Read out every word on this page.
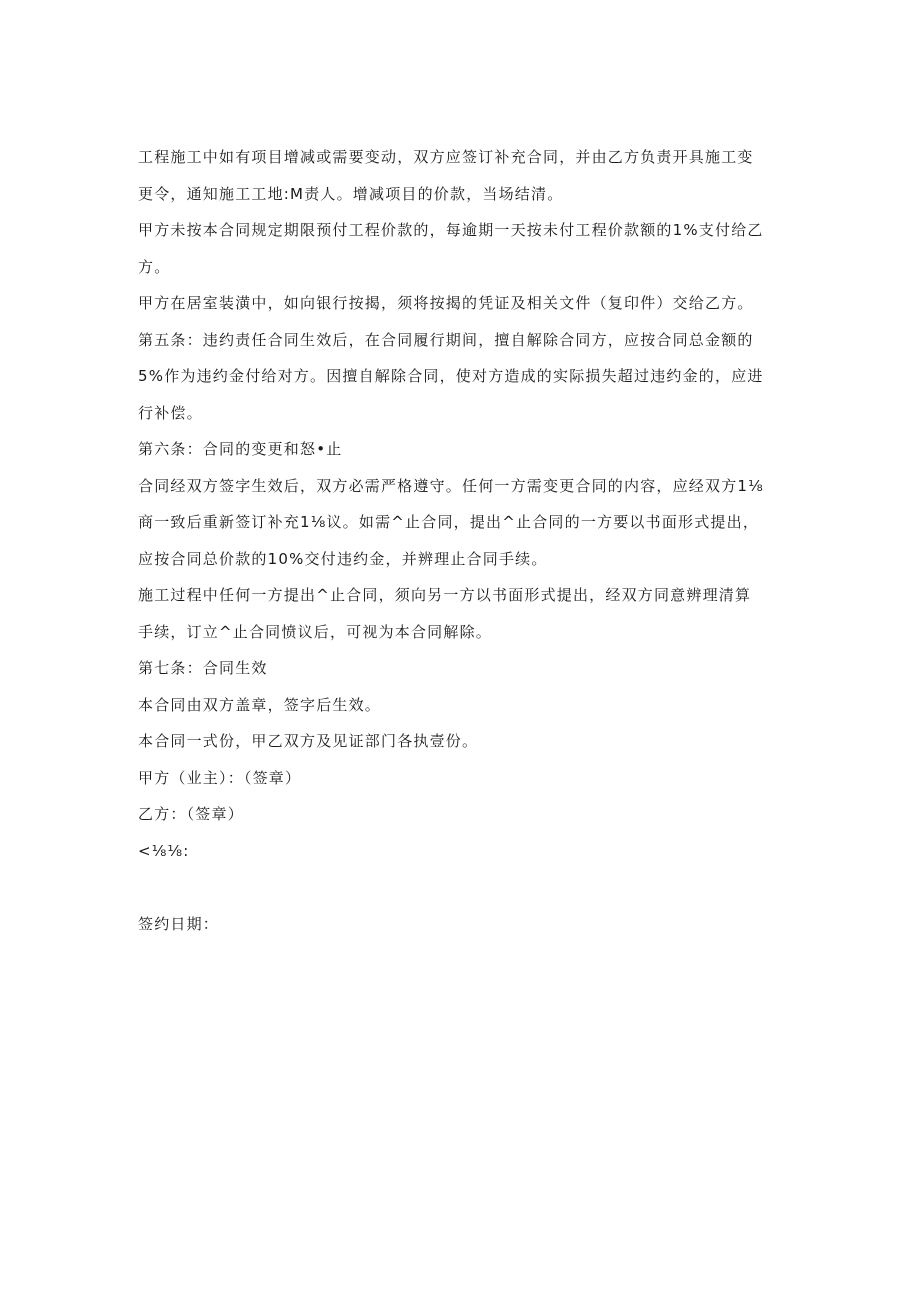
工程施工中如有项目增减或需要变动，双方应签订补充合同，并由乙方负责开具施工变
更令，通知施工工地:M责人。增减项目的价款，当场结清。
甲方未按本合同规定期限预付工程价款的，每逾期一天按未付工程价款额的1%支付给乙
方。
甲方在居室装潢中，如向银行按揭，须将按揭的凭证及相关文件（复印件）交给乙方。
第五条：违约责任合同生效后，在合同履行期间，擅自解除合同方，应按合同总金额的
5%作为违约金付给对方。因擅自解除合同，使对方造成的实际损失超过违约金的，应进
行补偿。
第六条：合同的变更和怒•止
合同经双方签字生效后，双方必需严格遵守。任何一方需变更合同的内容，应经双方1⅛
商一致后重新签订补充1⅛议。如需^止合同，提出^止合同的一方要以书面形式提出，
应按合同总价款的10%交付违约金，并辨理止合同手续。
施工过程中任何一方提出^止合同，须向另一方以书面形式提出，经双方同意辨理清算
手续，订立^止合同愤议后，可视为本合同解除。
第七条：合同生效
本合同由双方盖章，签字后生效。
本合同一式份，甲乙双方及见证部门各执壹份。
甲方（业主）：（签章）
乙方：（签章）
<⅛⅛:
签约日期：
